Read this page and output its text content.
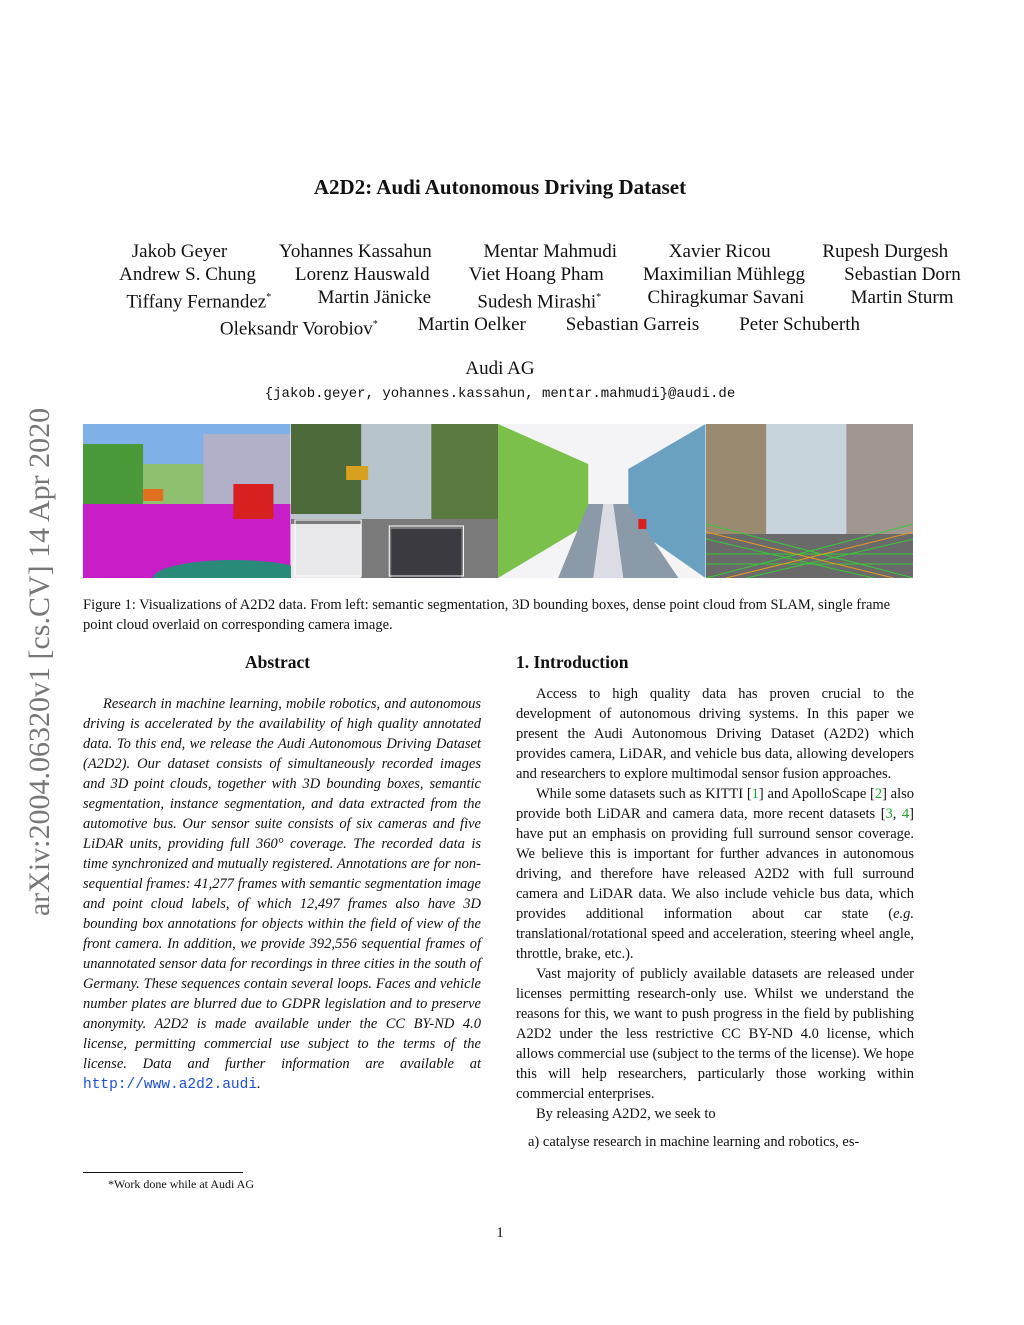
A2D2: Audi Autonomous Driving Dataset
Jakob Geyer	Yohannes Kassahun	Mentar Mahmudi	Xavier Ricou	Rupesh Durgesh
Andrew S. Chung Lorenz Hauswald Viet Hoang Pham Maximilian Mühlegg Sebastian Dorn
Tiffany Fernandez* Martin Jänicke Sudesh Mirashi* Chiragkumar Savani Martin Sturm
Oleksandr Vorobiov* Martin Oelker Sebastian Garreis Peter Schuberth
Audi AG
{jakob.geyer, yohannes.kassahun, mentar.mahmudi}@audi.de
arXiv:2004.06320v1 [cs.CV] 14 Apr 2020 Figure 1: Visualizations of A2D2 data. From left: semantic segmentation, 3D bounding boxes, dense point cloud from SLAM, single frame point cloud overlaid on corresponding camera image.
Abstract	1. Introduction
Research in machine learning, mobile robotics, and autonomous driving is accelerated by the availability of high quality annotated data. To this end, we release the Audi Autonomous Driving Dataset (A2D2). Our dataset consists of simultaneously recorded images and 3D point clouds, together with 3D bounding boxes, semantic segmentation, instance segmentation, and data extracted from the automotive bus. Our sensor suite consists of six cameras and five LiDAR units, providing full 360° coverage. The recorded data is time synchronized and mutually registered. Annotations are for non-sequential frames: 41,277 frames with semantic segmentation image and point cloud labels, of which 12,497 frames also have 3D bounding box annotations for objects within the field of view of the front camera. In addition, we provide 392,556 sequential frames of unannotated sensor data for recordings in three cities in the south of Germany. These sequences contain several loops. Faces and vehicle number plates are blurred due to GDPR legislation and to preserve anonymity. A2D2 is made available under the CC BY-ND 4.0 license, permitting commercial use subject to the terms of the license. Data and further information are available at http://www.a2d2.audi.

Access to high quality data has proven crucial to the development of autonomous driving systems. In this paper we present the Audi Autonomous Driving Dataset (A2D2) which provides camera, LiDAR, and vehicle bus data, allowing developers and researchers to explore multimodal sensor fusion approaches.

While some datasets such as KITTI [1] and ApolloScape [2] also provide both LiDAR and camera data, more recent datasets [3, 4] have put an emphasis on providing full surround sensor coverage. We believe this is important for further advances in autonomous driving, and therefore have released A2D2 with full surround camera and LiDAR data. We also include vehicle bus data, which provides additional information about car state (e.g. translational/rotational speed and acceleration, steering wheel angle, throttle, brake, etc.).

Vast majority of publicly available datasets are released under licenses permitting research-only use. Whilst we understand the reasons for this, we want to push progress in the field by publishing A2D2 under the less restrictive CC BY-ND 4.0 license, which allows commercial use (subject to the terms of the license). We hope this will help researchers, particularly those working within commercial enterprises.

By releasing A2D2, we seek to

a) catalyse research in machine learning and robotics, es-

*Work done while at Audi AG
1
